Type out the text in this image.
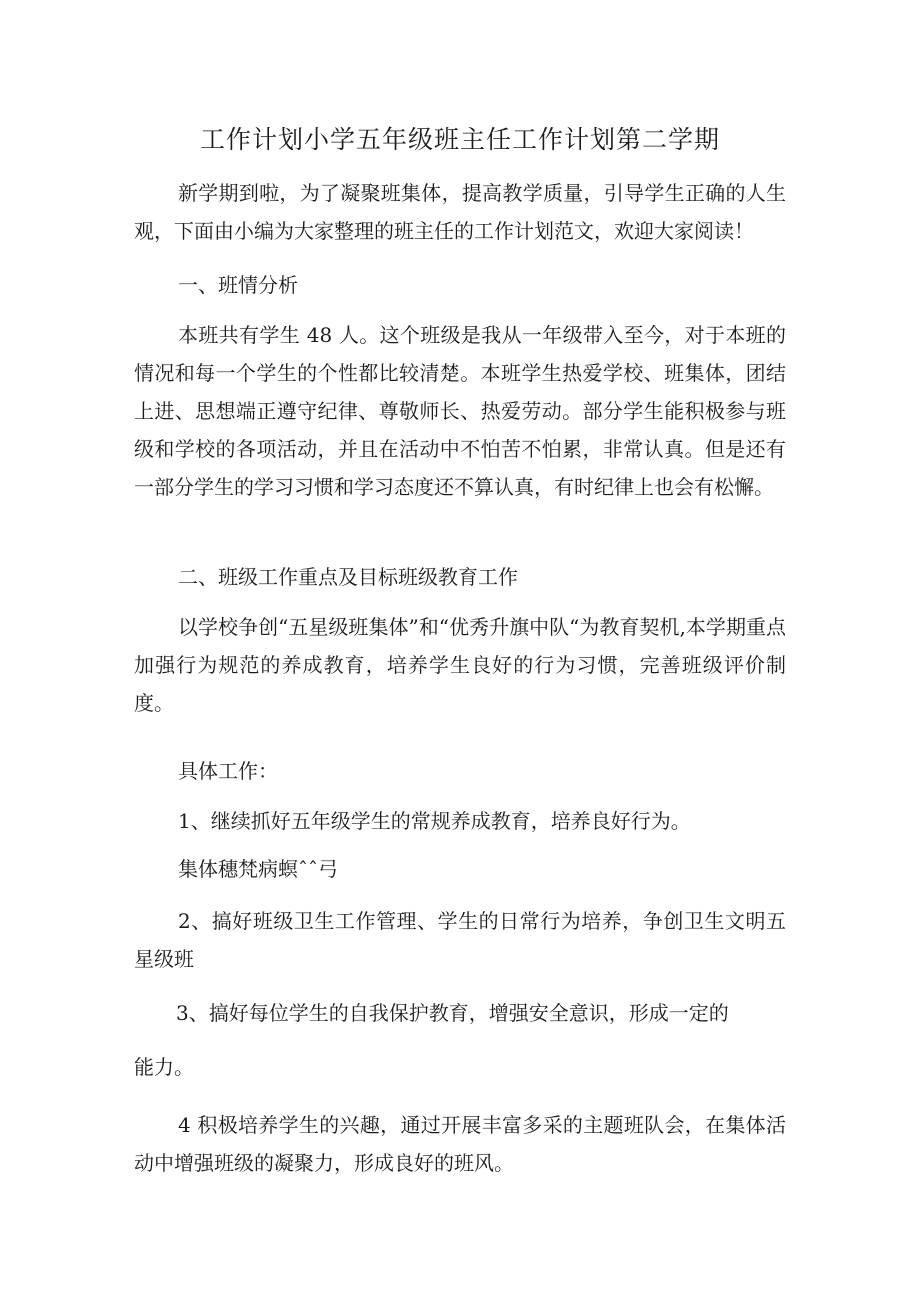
工作计划小学五年级班主任工作计划第二学期

新学期到啦，为了凝聚班集体，提高教学质量，引导学生正确的人生观，下面由小编为大家整理的班主任的工作计划范文，欢迎大家阅读！

一、班情分析

本班共有学生 48 人。这个班级是我从一年级带入至今，对于本班的情况和每一个学生的个性都比较清楚。本班学生热爱学校、班集体，团结上进、思想端正遵守纪律、尊敬师长、热爱劳动。部分学生能积极参与班级和学校的各项活动，并且在活动中不怕苦不怕累，非常认真。但是还有一部分学生的学习习惯和学习态度还不算认真，有时纪律上也会有松懈。

二、班级工作重点及目标班级教育工作

以学校争创“五星级班集体”和“优秀升旗中队“为教育契机,本学期重点加强行为规范的养成教育，培养学生良好的行为习惯，完善班级评价制度。

具体工作：

1、继续抓好五年级学生的常规养成教育，培养良好行为。

集体穗梵病螟ˆˆ弓

2、搞好班级卫生工作管理、学生的日常行为培养，争创卫生文明五星级班

3、搞好每位学生的自我保护教育，增强安全意识，形成一定的

能力。

4 积极培养学生的兴趣，通过开展丰富多采的主题班队会，在集体活动中增强班级的凝聚力，形成良好的班风。
